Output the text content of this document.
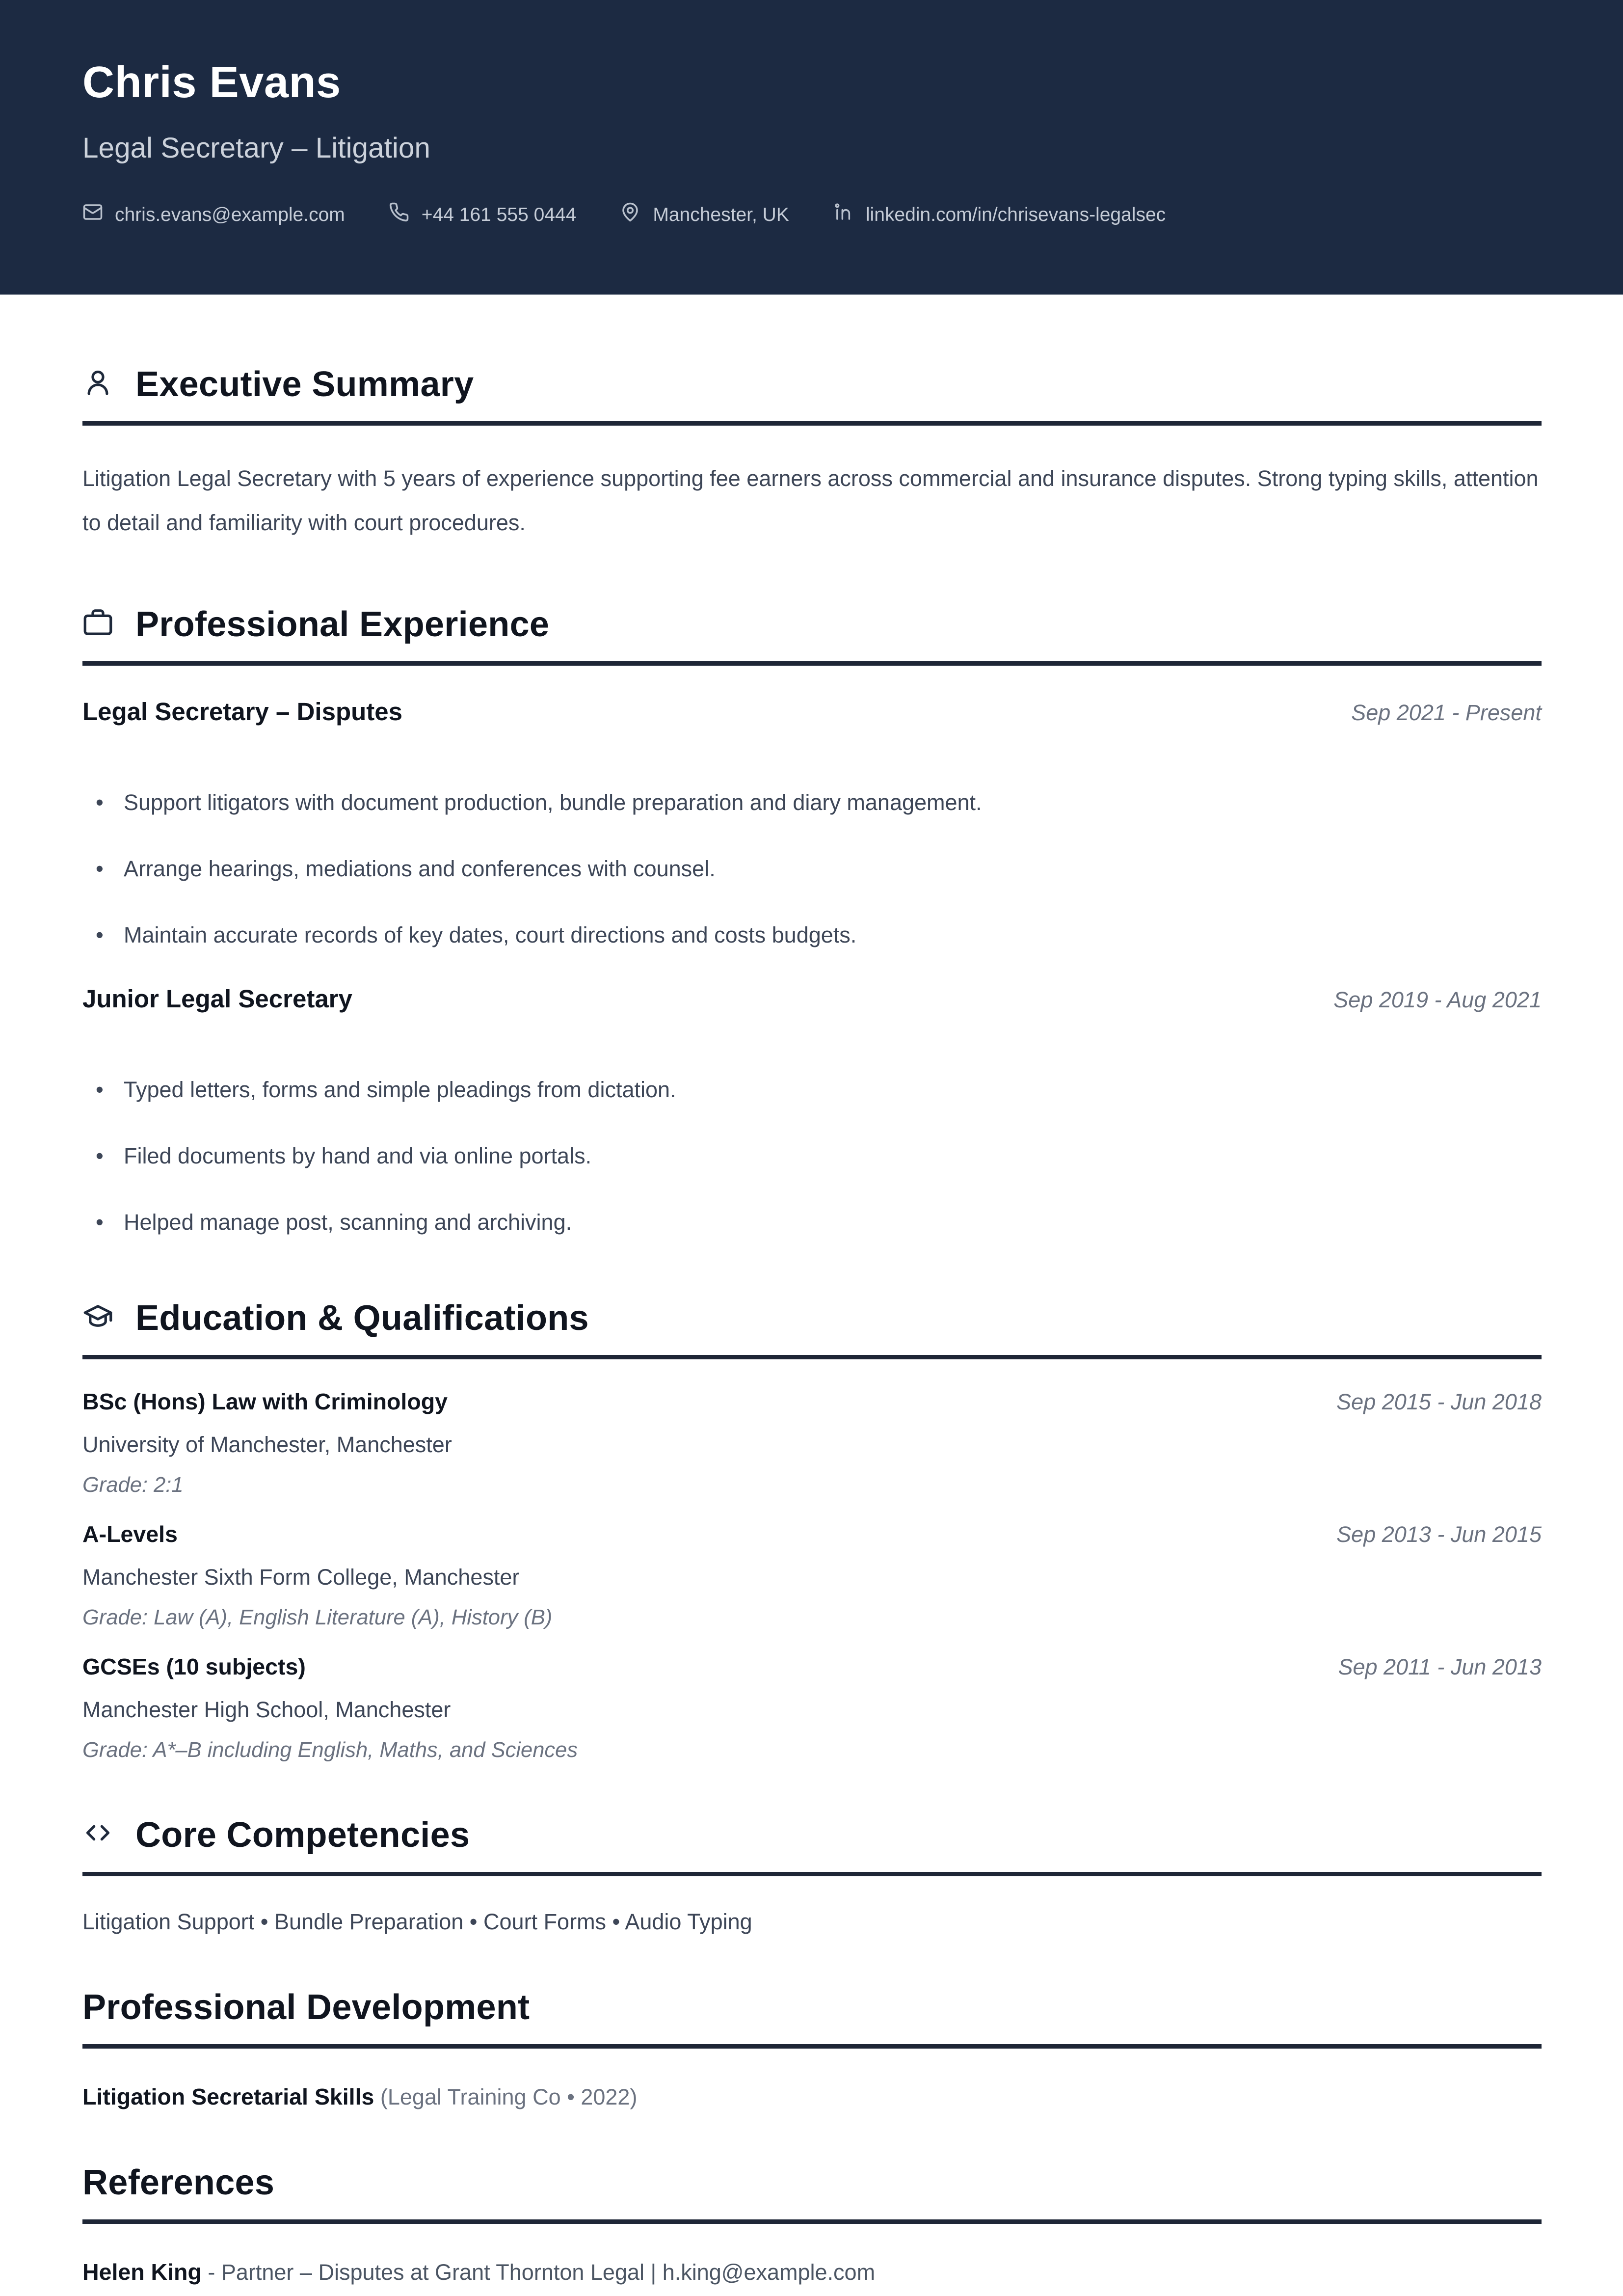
Chris Evans
Legal Secretary – Litigation
chris.evans@example.com	+44 161 555 0444	Manchester, UK	linkedin.com/in/chrisevans-legalsec
Executive Summary

Litigation Legal Secretary with 5 years of experience supporting fee earners across commercial and insurance disputes. Strong typing skills, attention to detail and familiarity with court procedures.

Professional Experience
Legal Secretary – Disputes	Sep 2021 - Present
• Support litigators with document production, bundle preparation and diary management.
• Arrange hearings, mediations and conferences with counsel.
• Maintain accurate records of key dates, court directions and costs budgets.
Junior Legal Secretary	Sep 2019 - Aug 2021
• Typed letters, forms and simple pleadings from dictation.
• Filed documents by hand and via online portals.
• Helped manage post, scanning and archiving.
Education & Qualifications
BSc (Hons) Law with Criminology	Sep 2015 - Jun 2018
University of Manchester, Manchester
Grade: 2:1
A-Levels	Sep 2013 - Jun 2015
Manchester Sixth Form College, Manchester
Grade: Law (A), English Literature (A), History (B)
GCSEs (10 subjects)	Sep 2011 - Jun 2013
Manchester High School, Manchester
Grade: A*–B including English, Maths, and Sciences
Core Competencies

Litigation Support • Bundle Preparation • Court Forms • Audio Typing

Professional Development

Litigation Secretarial Skills (Legal Training Co • 2022)

References

Helen King - Partner – Disputes at Grant Thornton Legal | h.king@example.com
